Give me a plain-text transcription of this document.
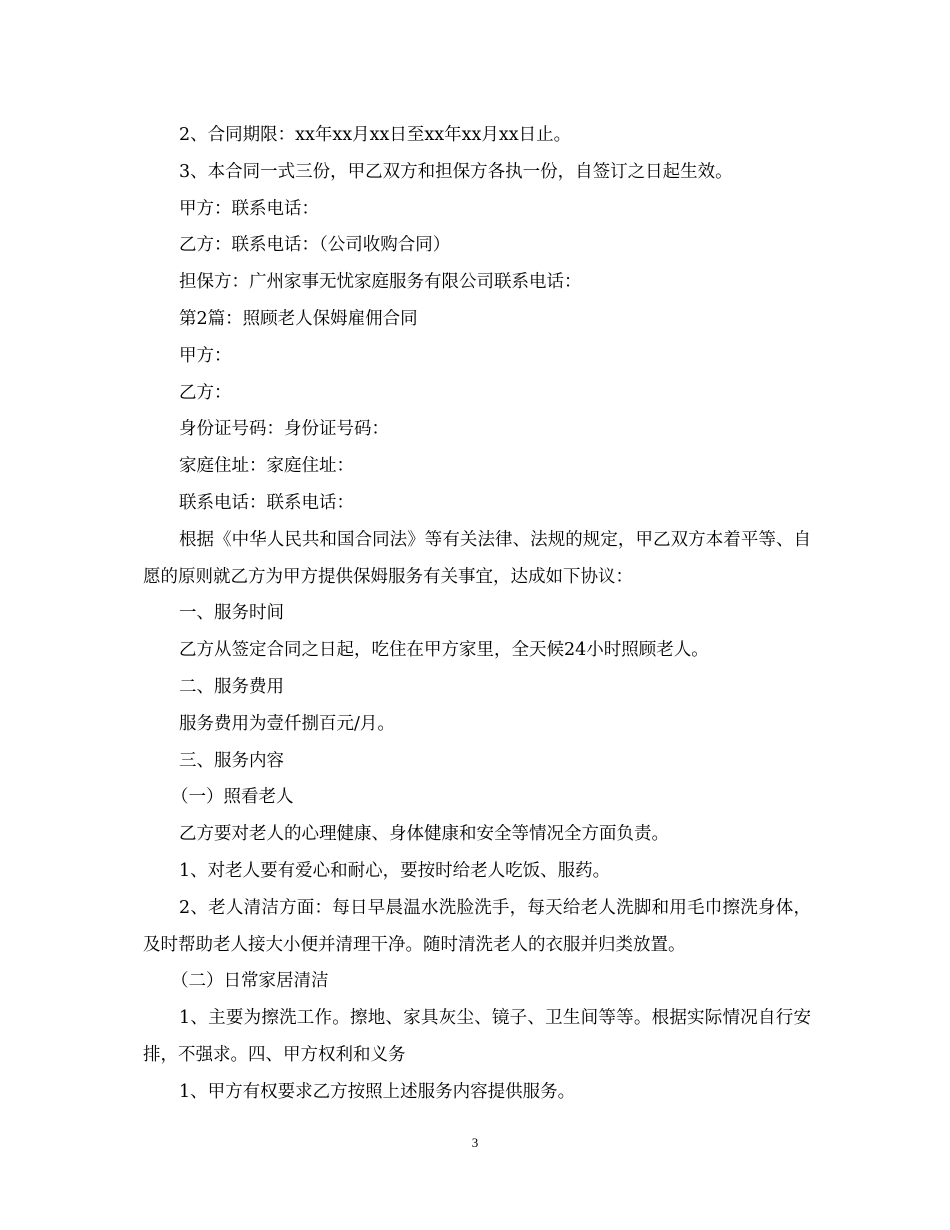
2、合同期限：xx年xx月xx日至xx年xx月xx日止。

3、本合同一式三份，甲乙双方和担保方各执一份，自签订之日起生效。

甲方：联系电话：

乙方：联系电话：（公司收购合同）

担保方：广州家事无忧家庭服务有限公司联系电话：

第2篇：照顾老人保姆雇佣合同

甲方：

乙方：

身份证号码：身份证号码：

家庭住址：家庭住址：

联系电话：联系电话：

根据《中华人民共和国合同法》等有关法律、法规的规定，甲乙双方本着平等、自愿的原则就乙方为甲方提供保姆服务有关事宜，达成如下协议：

一、服务时间

乙方从签定合同之日起，吃住在甲方家里，全天候24小时照顾老人。

二、服务费用

服务费用为壹仟捌百元/月。

三、服务内容

（一）照看老人

乙方要对老人的心理健康、身体健康和安全等情况全方面负责。

1、对老人要有爱心和耐心，要按时给老人吃饭、服药。

2、老人清洁方面：每日早晨温水洗脸洗手，每天给老人洗脚和用毛巾擦洗身体，及时帮助老人接大小便并清理干净。随时清洗老人的衣服并归类放置。

（二）日常家居清洁

1、主要为擦洗工作。擦地、家具灰尘、镜子、卫生间等等。根据实际情况自行安排，不强求。四、甲方权利和义务

1、甲方有权要求乙方按照上述服务内容提供服务。

3
